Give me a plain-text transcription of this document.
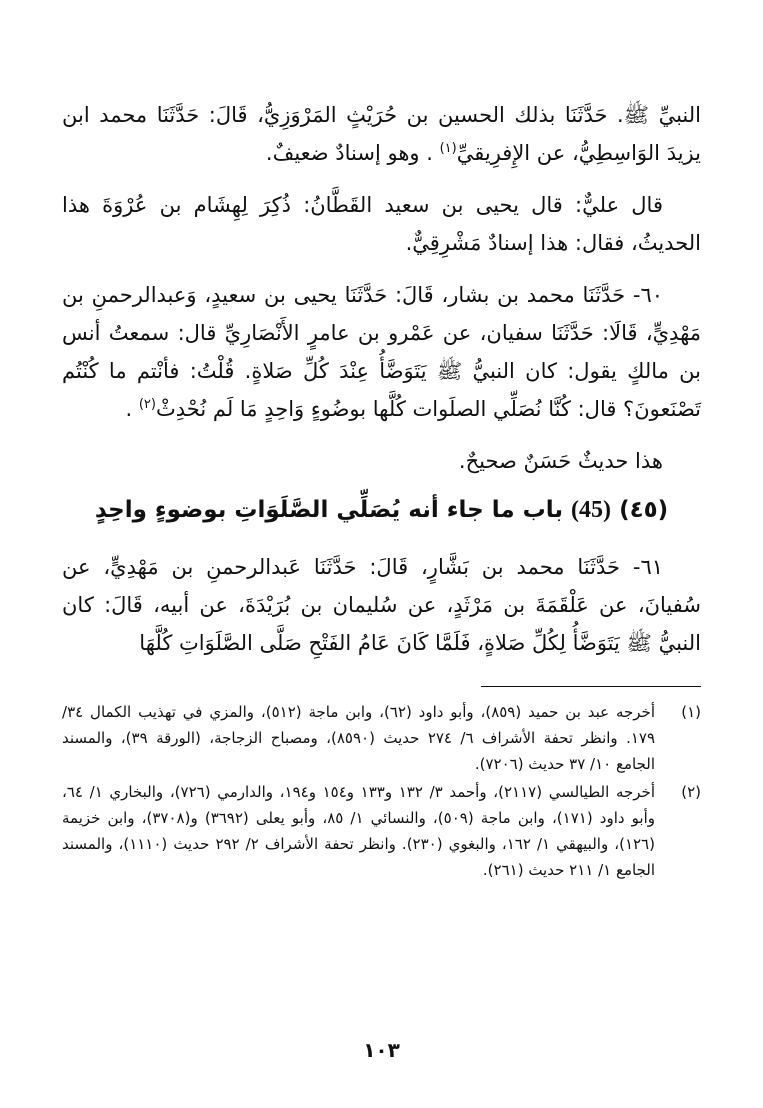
النبيِّ ﷺ. حَدَّثَنَا بذلك الحسين بن حُرَيْثٍ المَرْوَزِيُّ، قَالَ: حَدَّثَنَا محمد ابن يزيدَ الوَاسِطِيُّ، عن الإِفرِيقيِّ$^{(١)}$ . وهو إسنادٌ ضعيفٌ.

قال عليٌّ: قال يحيى بن سعيد القَطَّانُ: ذُكِرَ لِهِشَام بن عُرْوَةَ هذا الحديثُ، فقال: هذا إسنادٌ مَشْرِقِيٌّ.

٦٠- حَدَّثَنَا محمد بن بشار، قَالَ: حَدَّثَنَا يحيى بن سعيدٍ، وَعبدالرحمنِ بن مَهْدِيٍّ، قَالَا: حَدَّثَنَا سفيان، عن عَمْرو بن عامرٍ الأَنْصَارِيِّ قال: سمعتُ أنس بن مالكٍ يقول: كان النبيُّ ﷺ يَتَوَضَّأُ عِنْدَ كُلِّ صَلاةٍ. قُلْتُ: فأنْتم ما كُنْتُم تَصْنَعونَ؟ قال: كُنَّا نُصَلِّي الصلَوات كُلَّها بوضُوءٍ وَاحِدٍ مَا لَم نُحْدِثْ$^{(٢)}$ .

هذا حديثٌ حَسَنٌ صحيحٌ.

(٤٥) (45) باب ما جاء أنه يُصَلِّي الصَّلَوَاتِ بوضوءٍ واحِدٍ

٦١- حَدَّثَنَا محمد بن بَشَّارٍ، قَالَ: حَدَّثَنَا عَبدالرحمنِ بن مَهْدِيٍّ، عن سُفيانَ، عن عَلْقَمَةَ بن مَرْثَدٍ، عن سُليمان بن بُرَيْدَةَ، عن أبيه، قَالَ: كان النبيُّ ﷺ يَتَوَضَّأُ لِكُلِّ صَلاةٍ، فَلَمَّا كَانَ عَامُ الفَتْحِ صَلَّى الصَّلَوَاتِ كُلَّهَا

(١)
أخرجه عبد بن حميد (٨٥٩)، وأبو داود (٦٢)، وابن ماجة (٥١٢)، والمزي في تهذيب الكمال ٣٤/ ١٧٩. وانظر تحفة الأشراف ٦/ ٢٧٤ حديث (٨٥٩٠)، ومصباح الزجاجة، (الورقة ٣٩)، والمسند الجامع ١٠/ ٣٧ حديث (٧٢٠٦).
(٢)
أخرجه الطيالسي (٢١١٧)، وأحمد ٣/ ١٣٢ و١٣٣ و١٥٤ و١٩٤، والدارمي (٧٢٦)، والبخاري ١/ ٦٤، وأبو داود (١٧١)، وابن ماجة (٥٠٩)، والنسائي ١/ ٨٥، وأبو يعلى (٣٦٩٢) و(٣٧٠٨)، وابن خزيمة (١٢٦)، والبيهقي ١/ ١٦٢، والبغوي (٢٣٠). وانظر تحفة الأشراف ٢/ ٢٩٢ حديث (١١١٠)، والمسند الجامع ١/ ٢١١ حديث (٢٦١).
١٠٣
